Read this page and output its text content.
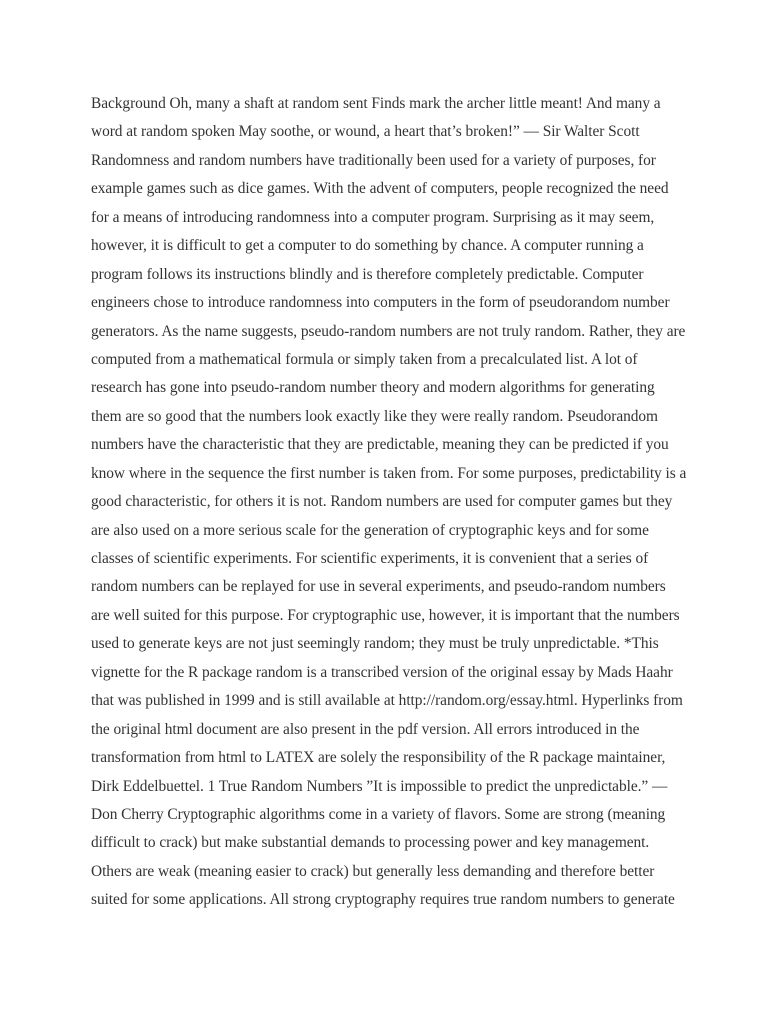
Background Oh, many a shaft at random sent Finds mark the archer little meant! And many a
word at random spoken May soothe, or wound, a heart that’s broken!” — Sir Walter Scott
Randomness and random numbers have traditionally been used for a variety of purposes, for
example games such as dice games. With the advent of computers, people recognized the need
for a means of introducing randomness into a computer program. Surprising as it may seem,
however, it is difficult to get a computer to do something by chance. A computer running a
program follows its instructions blindly and is therefore completely predictable. Computer
engineers chose to introduce randomness into computers in the form of pseudorandom number
generators. As the name suggests, pseudo-random numbers are not truly random. Rather, they are
computed from a mathematical formula or simply taken from a precalculated list. A lot of
research has gone into pseudo-random number theory and modern algorithms for generating
them are so good that the numbers look exactly like they were really random. Pseudorandom
numbers have the characteristic that they are predictable, meaning they can be predicted if you
know where in the sequence the first number is taken from. For some purposes, predictability is a
good characteristic, for others it is not. Random numbers are used for computer games but they
are also used on a more serious scale for the generation of cryptographic keys and for some
classes of scientific experiments. For scientific experiments, it is convenient that a series of
random numbers can be replayed for use in several experiments, and pseudo-random numbers
are well suited for this purpose. For cryptographic use, however, it is important that the numbers
used to generate keys are not just seemingly random; they must be truly unpredictable. *This
vignette for the R package random is a transcribed version of the original essay by Mads Haahr
that was published in 1999 and is still available at http://random.org/essay.html. Hyperlinks from
the original html document are also present in the pdf version. All errors introduced in the
transformation from html to LATEX are solely the responsibility of the R package maintainer,
Dirk Eddelbuettel. 1 True Random Numbers ”It is impossible to predict the unpredictable.” —
Don Cherry Cryptographic algorithms come in a variety of flavors. Some are strong (meaning
difficult to crack) but make substantial demands to processing power and key management.
Others are weak (meaning easier to crack) but generally less demanding and therefore better
suited for some applications. All strong cryptography requires true random numbers to generate
